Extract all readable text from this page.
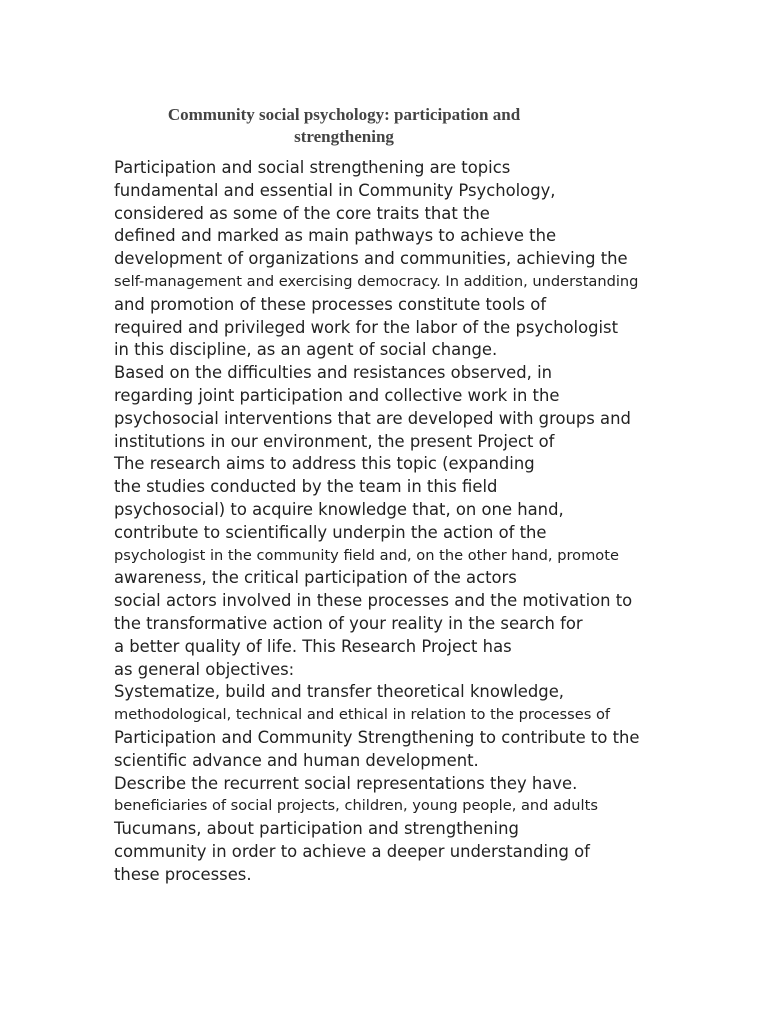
Community social psychology: participation and
strengthening
Participation and social strengthening are topics
fundamental and essential in Community Psychology,
considered as some of the core traits that the
defined and marked as main pathways to achieve the
development of organizations and communities, achieving the
self-management and exercising democracy. In addition, understanding
and promotion of these processes constitute tools of
required and privileged work for the labor of the psychologist
in this discipline, as an agent of social change.
Based on the difficulties and resistances observed, in
regarding joint participation and collective work in the
psychosocial interventions that are developed with groups and
institutions in our environment, the present Project of
The research aims to address this topic (expanding
the studies conducted by the team in this field
psychosocial) to acquire knowledge that, on one hand,
contribute to scientifically underpin the action of the
psychologist in the community field and, on the other hand, promote
awareness, the critical participation of the actors
social actors involved in these processes and the motivation to
the transformative action of your reality in the search for
a better quality of life. This Research Project has
as general objectives:
Systematize, build and transfer theoretical knowledge,
methodological, technical and ethical in relation to the processes of
Participation and Community Strengthening to contribute to the
scientific advance and human development.
Describe the recurrent social representations they have.
beneficiaries of social projects, children, young people, and adults
Tucumans, about participation and strengthening
community in order to achieve a deeper understanding of
these processes.
